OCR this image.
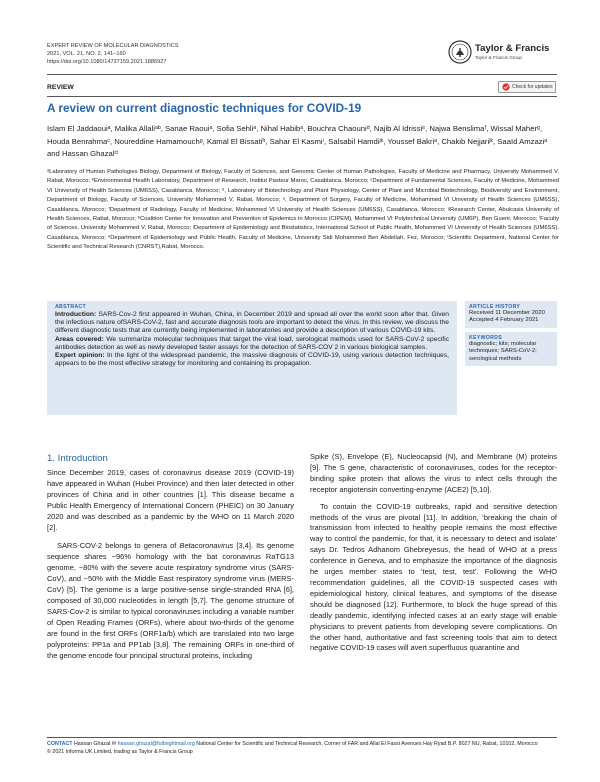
EXPERT REVIEW OF MOLECULAR DIAGNOSTICS
2021, VOL. 21, NO. 2, 141–160
https://doi.org/10.1080/14737159.2021.1886927
Taylor & Francis
Taylor & Francis Group
REVIEW	Check for updates
A review on current diagnostic techniques for COVID-19
Islam El Jaddaouiᵃ, Malika Allaliᵃᵇ, Sanae Raouiᵃ, Sofia Sehliᵃ, Nihal Habibᵃ, Bouchra Chaouniᵈ, Najib Al Idrissiᵉ, Najwa Benslimaᶠ, Wissal Maherᵍ, Houda Benrahmaᶜ, Noureddine Hamamouchᵍ, Kamal El Bissatiʰ, Sahar El Kasmiⁱ, Salsabil Hamdiʲᵏ, Youssef Bakriᵃ, Chakib Nejjariʲᵏ, Saaïd Amzaziᵃ and Hassan Ghazalᶜˡ
ᵃLaboratory of Human Pathologies Biology, Department of Biology, Faculty of Sciences, and Genomic Center of Human Pathologies, Faculty of Medicine and Pharmacy, University Mohammed V, Rabat, Morocco; ᵇEnvironmental Health Laboratory, Department of Research, Institut Pasteur Maroc, Casablanca, Morocco; ᶜDepartment of Fundamental Sciences, Faculty of Medicine, Mohammed VI University of Health Sciences (UM6SS), Casablanca, Morocco; ᵈ, Laboratory of Biotechnology and Plant Physiology, Center of Plant and Microbial Biotechnology, Biodiversity and Environment, Department of Biology, Faculty of Sciences, University Mohammed V, Rabat, Morocco; ᵉ, Department of Surgery, Faculty of Medicine, Mohammed VI University of Health Sciences (UM6SS), Casablanca, Morocco; ᶠDepartment of Radiology, Faculty of Medicine, Mohammed VI University of Health Sciences (UM6SS), Casablanca, Morocco; ᵍResearch Center, Abulcasis University of Health Sciences, Rabat, Morocco; ʰCoalition Center for Innovation and Prevention of Epidemics in Morocco (CIPEM), Mohammed VI Polytechnical University (UM6P), Ben Guerir, Morocco; ⁱFaculty of Sciences, University Mohammed V, Rabat, Morocco; ʲDepartment of Epidemiology and Biostatistics, International School of Public Health, Mohammed VI University of Health Sciences (UM6SS), Casablanca, Morocco; ᵏDepartment of Epidemiology and Public Health, Faculty of Medicine, University Sidi Mohammed Ben Abdellah, Fez, Morocco; ˡScientific Department, National Center for Scientific and Technical Research (CNRST),Rabat, Morocco.
ABSTRACT

Introduction: SARS-Cov-2 first appeared in Wuhan, China, in December 2019 and spread all over the world soon after that. Given the infectious nature ofSARS-CoV-2, fast and accurate diagnosis tools are important to detect the virus. In this review, we discuss the different diagnostic tests that are currently being implemented in laboratories and provide a description of various COVID-19 kits.

Areas covered: We summarize molecular techniques that target the viral load, serological methods used for SARS-CoV-2 specific antibodies detection as well as newly developed faster assays for the detection of SARS-COV 2 in various biological samples.

Expert opinion: In the light of the widespread pandemic, the massive diagnosis of COVID-19, using various detection techniques, appears to be the most effective strategy for monitoring and containing its propagation.

ARTICLE HISTORY
Received 11 December 2020
Accepted 4 February 2021
KEYWORDS
diagnostic; kits; molecular techniques; SARS-CoV-2; serological methods
1. Introduction

Since December 2019, cases of coronavirus disease 2019 (COVID-19) have appeared in Wuhan (Hubei Province) and then later detected in other provinces of China and in other countries [1]. This disease became a Public Health Emergency of International Concern (PHEIC) on 30 January 2020 and was described as a pandemic by the WHO on 11 March 2020 [2].

SARS-COV-2 belongs to genera of Betacoronavirus [3,4]. Its genome sequence shares ~96% homology with the bat coronavirus RaTG13 genome, ~80% with the severe acute respiratory syndrome virus (SARS-CoV), and ~50% with the Middle East respiratory syndrome virus (MERS-CoV) [5]. The genome is a large positive-sense single-stranded RNA [6], composed of 30,000 nucleotides in length [5,7]. The genome structure of SARS-Cov-2 is similar to typical coronaviruses including a variable number of Open Reading Frames (ORFs), where about two-thirds of the genome are found in the first ORFs (ORF1a/b) which are translated into two large polyproteins: PP1a and PP1ab [3,8]. The remaining ORFs in one-third of the genome encode four principal structural proteins, including

Spike (S), Envelope (E), Nucleocapsid (N), and Membrane (M) proteins [9]. The S gene, characteristic of coronaviruses, codes for the receptor-binding spike protein that allows the virus to infect cells through the receptor angiotensin converting-enzyme (ACE2) [5,10].

To contain the COVID-19 outbreaks, rapid and sensitive detection methods of the virus are pivotal [11]. In addition, ‘breaking the chain of transmission from infected to healthy people remains the most effective way to control the pandemic, for that, it is necessary to detect and isolate’ says Dr. Tedros Adhanom Ghebreyesus, the head of WHO at a press conference in Geneva, and to emphasize the importance of the diagnosis he urges member states to ‘test, test, test’. Following the WHO recommendation guidelines, all the COVID-19 suspected cases with epidemiological history, clinical features, and symptoms of the disease should be diagnosed [12]. Furthermore, to block the huge spread of this deadly pandemic, identifying infected cases at an early stage will enable physicians to prevent patients from developing severe complications. On the other hand, authoritative and fast screening tools that aim to detect negative COVID-19 cases will avert superfluous quarantine and

CONTACT Hassan Ghazal ✉ hassan.ghazal@fulbrightmail.org National Center for Scientific and Technical Research, Corner of FAR and Allal El Fassi Avenues Hay Ryad B.P. 8027 NU, Rabat, 10102, Morocco
© 2021 Informa UK Limited, trading as Taylor & Francis Group
